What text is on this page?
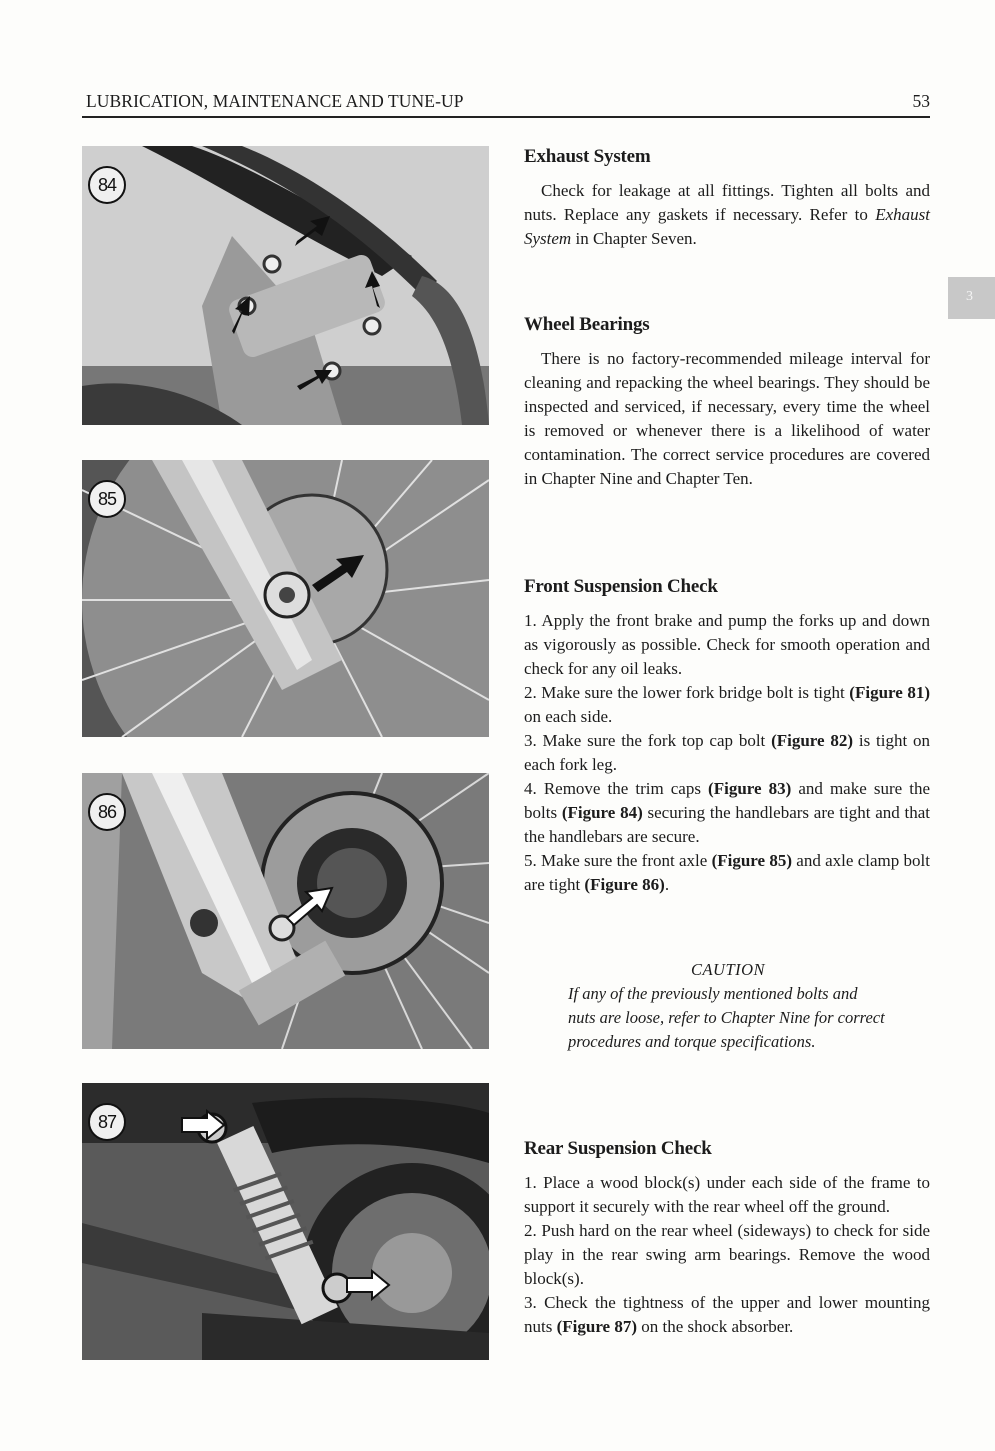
LUBRICATION, MAINTENANCE AND TUNE-UP	53
3
84
85
86
87
Exhaust System

Check for leakage at all fittings. Tighten all bolts and nuts. Replace any gaskets if necessary. Refer to Exhaust System in Chapter Seven.

Wheel Bearings

There is no factory-recommended mileage interval for cleaning and repacking the wheel bearings. They should be inspected and serviced, if necessary, every time the wheel is removed or whenever there is a likelihood of water contamination. The correct service procedures are covered in Chapter Nine and Chapter Ten.

Front Suspension Check

1. Apply the front brake and pump the forks up and down as vigorously as possible. Check for smooth operation and check for any oil leaks.

2. Make sure the lower fork bridge bolt is tight (Figure 81) on each side.

3. Make sure the fork top cap bolt (Figure 82) is tight on each fork leg.

4. Remove the trim caps (Figure 83) and make sure the bolts (Figure 84) securing the handlebars are tight and that the handlebars are secure.

5. Make sure the front axle (Figure 85) and axle clamp bolt are tight (Figure 86).

CAUTION
If any of the previously mentioned bolts and nuts are loose, refer to Chapter Nine for correct procedures and torque specifications.
Rear Suspension Check

1. Place a wood block(s) under each side of the frame to support it securely with the rear wheel off the ground.

2. Push hard on the rear wheel (sideways) to check for side play in the rear swing arm bearings. Remove the wood block(s).

3. Check the tightness of the upper and lower mounting nuts (Figure 87) on the shock absorber.
